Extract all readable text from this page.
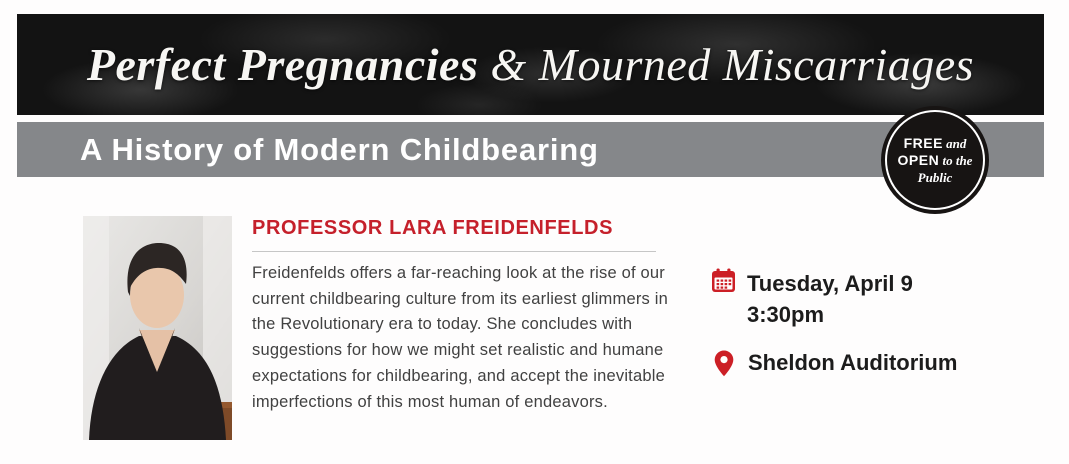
Perfect Pregnancies & Mourned Miscarriages
A History of Modern Childbearing	FREE and
OPEN to the
Public
PROFESSOR LARA FREIDENFELDS

Freidenfelds offers a far-reaching look at the rise of our current childbearing culture from its earliest glimmers in the Revolutionary era to today. She concludes with suggestions for how we might set realistic and humane expectations for childbearing, and accept the inevitable imperfections of this most human of endeavors.

Tuesday, April 9
3:30pm
Sheldon Auditorium
